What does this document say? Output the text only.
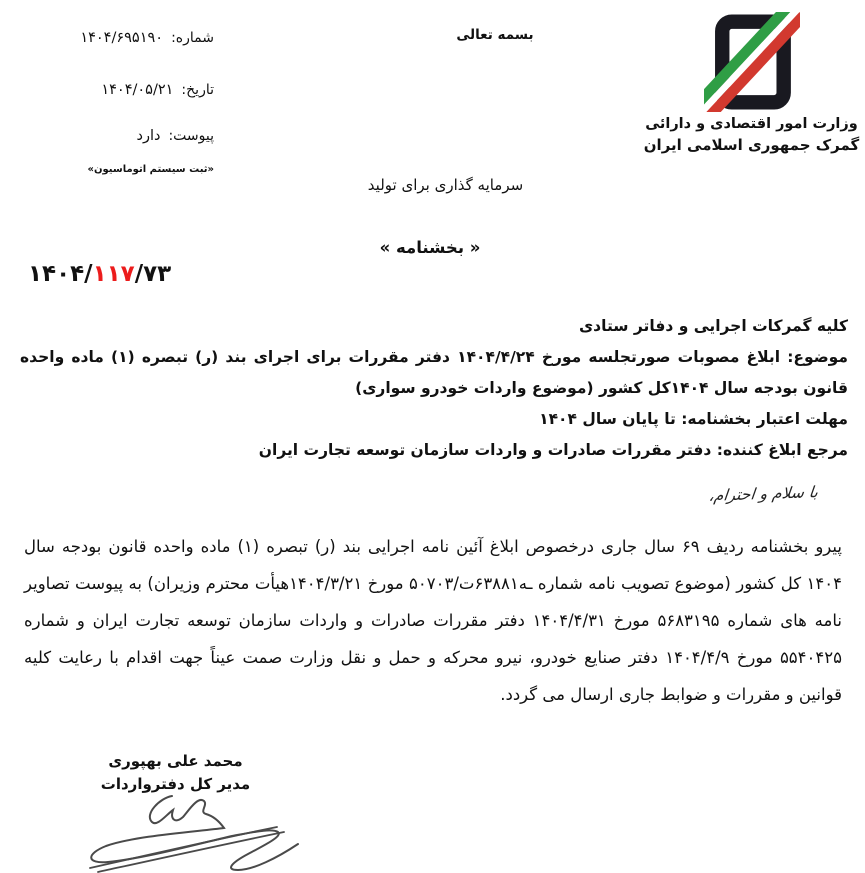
بسمه تعالی
شماره:
۱۴۰۴/۶۹۵۱۹۰
تاریخ:
۱۴۰۴/۰۵/۲۱
پیوست:
دارد
«ثبت سیستم اتوماسیون»
وزارت امور اقتصادی و دارائی
گمرک جمهوری اسلامی ایران
سرمایه گذاری برای تولید
« بخشنامه »
۱۴۰۴/۱۱۷/۷۳

کلیه گمرکات اجرایی و دفاتر ستادی

موضوع: ابلاغ مصوبات صورتجلسه مورخ ۱۴۰۴/۴/۲۴ دفتر مقررات برای اجرای بند (ر) تبصره (۱) ماده واحده قانون بودجه سال ۱۴۰۴کل کشور (موضوع واردات خودرو سواری)

مهلت اعتبار بخشنامه: تا پایان سال ۱۴۰۴

مرجع ابلاغ کننده: دفتر مقررات صادرات و واردات سازمان توسعه تجارت ایران

با سلام و احترام،
پیرو بخشنامه ردیف ۶۹ سال جاری درخصوص ابلاغ آئین نامه اجرایی بند (ر) تبصره (۱) ماده واحده قانون بودجه سال ۱۴۰۴ کل کشور (موضوع تصویب نامه شماره ۵۰۷۰۳/ت۶۳۸۸۱هـ مورخ ۱۴۰۴/۳/۲۱هیأت محترم وزیران) به پیوست تصاویر نامه های شماره ۵۶۸۳۱۹۵ مورخ ۱۴۰۴/۴/۳۱ دفتر مقررات صادرات و واردات سازمان توسعه تجارت ایران و شماره ۵۵۴۰۴۲۵ مورخ ۱۴۰۴/۴/۹ دفتر صنایع خودرو، نیرو محرکه و حمل و نقل وزارت صمت عیناً جهت اقدام با رعایت کلیه قوانین و مقررات و ضوابط جاری ارسال می گردد.
محمد علی بهپوری
مدیر کل دفترواردات
